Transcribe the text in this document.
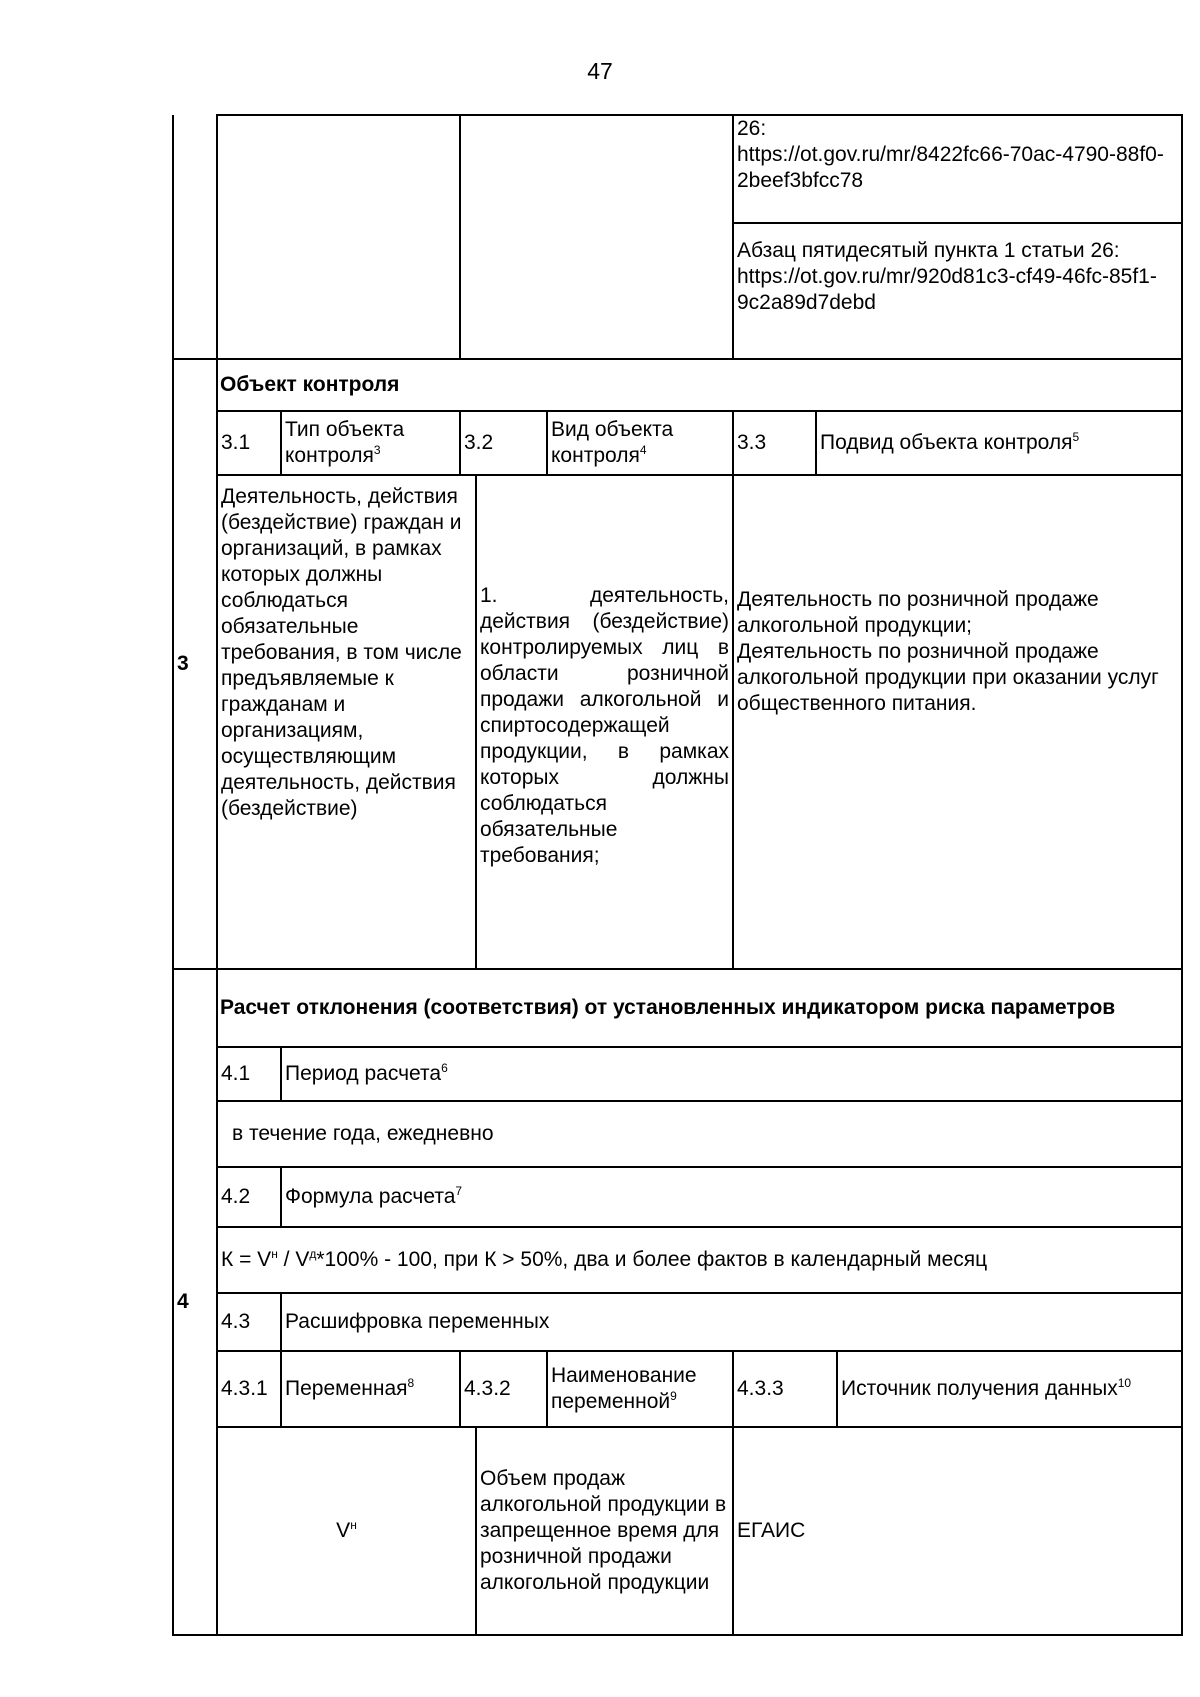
47
						26:
https://ot.gov.ru/mr/8422fc66-70ac-4790-88f0-2beef3bfcc78		
						Абзац пятидесятый пункта 1 статьи 26:
https://ot.gov.ru/mr/920d81c3-cf49-46fc-85f1-9c2a89d7debd		
3	Объект контроля							
	3.1	Тип объекта контроля$^3$	3.2		Вид объекта контроля$^4$	3.3	Подвид объекта контроля$^5$
	Деятельность, действия (бездействие) граждан и организаций, в рамках которых должны соблюдаться обязательные требования, в том числе предъявляемые к гражданам и организациям, осуществляющим деятельность, действия (бездействие)			1. деятельность, действия (бездействие) контролируемых лиц в области розничной продажи алкогольной и спиртосодержащей продукции, в рамках которых должны соблюдаться обязательные требования;		Деятельность по розничной продаже алкогольной продукции;
Деятельность по розничной продаже алкогольной продукции при оказании услуг общественного питания.		
4	Расчет отклонения (соответствия) от установленных индикатором риска параметров							
	4.1	Период расчета$^6$
	в течение года, ежедневно							
	4.2	Формула расчета$^7$
	$К = V^н / V^д*100\% - 100$, при К > 50%, два и более фактов в календарный месяц							
	4.3	Расшифровка переменных						
	4.3.1	Переменная$^8$	4.3.2		Наименование переменной$^9$	4.3.3		Источник получения данных$^{10}$
	$V^н$			Объем продаж алкогольной продукции в запрещенное время для розничной продажи алкогольной продукции		ЕГАИС		
